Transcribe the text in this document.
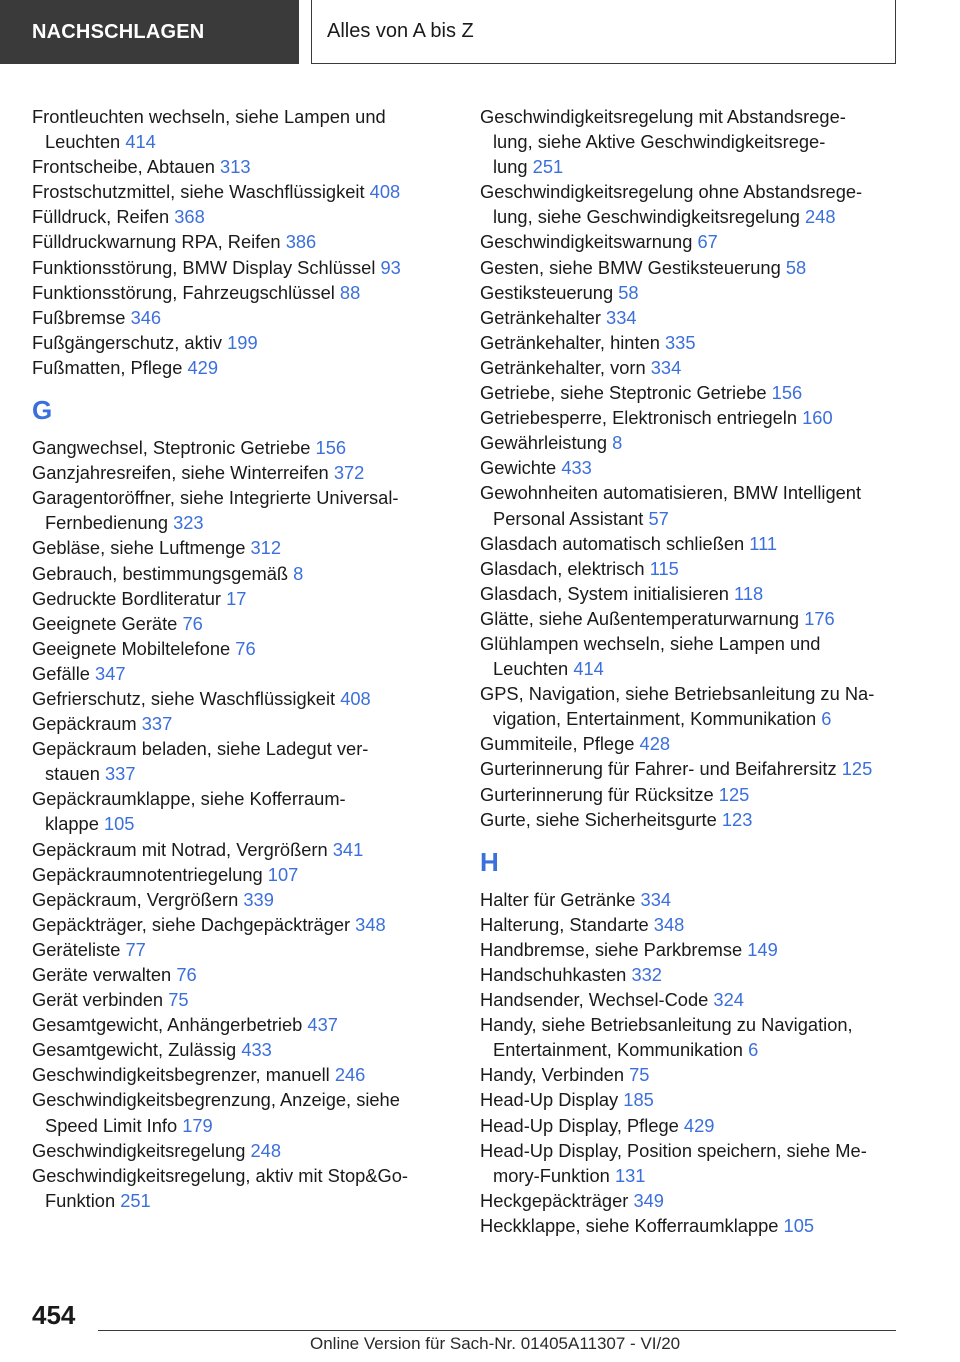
NACHSCHLAGEN	Alles von A bis Z
Frontleuchten wechseln, siehe Lampen und
Leuchten 414
Frontscheibe, Abtauen 313
Frostschutzmittel, siehe Waschflüssigkeit 408
Fülldruck, Reifen 368
Fülldruckwarnung RPA, Reifen 386
Funktionsstörung, BMW Display Schlüssel 93
Funktionsstörung, Fahrzeugschlüssel 88
Fußbremse 346
Fußgängerschutz, aktiv 199
Fußmatten, Pflege 429
G
Gangwechsel, Steptronic Getriebe 156
Ganzjahresreifen, siehe Winterreifen 372
Garagentoröffner, siehe Integrierte Universal-
Fernbedienung 323
Gebläse, siehe Luftmenge 312
Gebrauch, bestimmungsgemäß 8
Gedruckte Bordliteratur 17
Geeignete Geräte 76
Geeignete Mobiltelefone 76
Gefälle 347
Gefrierschutz, siehe Waschflüssigkeit 408
Gepäckraum 337
Gepäckraum beladen, siehe Ladegut ver-
stauen 337
Gepäckraumklappe, siehe Kofferraum-
klappe 105
Gepäckraum mit Notrad, Vergrößern 341
Gepäckraumnotentriegelung 107
Gepäckraum, Vergrößern 339
Gepäckträger, siehe Dachgepäckträger 348
Geräteliste 77
Geräte verwalten 76
Gerät verbinden 75
Gesamtgewicht, Anhängerbetrieb 437
Gesamtgewicht, Zulässig 433
Geschwindigkeitsbegrenzer, manuell 246
Geschwindigkeitsbegrenzung, Anzeige, siehe
Speed Limit Info 179
Geschwindigkeitsregelung 248
Geschwindigkeitsregelung, aktiv mit Stop&Go-
Funktion 251
Geschwindigkeitsregelung mit Abstandsrege-
lung, siehe Aktive Geschwindigkeitsrege-
lung 251
Geschwindigkeitsregelung ohne Abstandsrege-
lung, siehe Geschwindigkeitsregelung 248
Geschwindigkeitswarnung 67
Gesten, siehe BMW Gestiksteuerung 58
Gestiksteuerung 58
Getränkehalter 334
Getränkehalter, hinten 335
Getränkehalter, vorn 334
Getriebe, siehe Steptronic Getriebe 156
Getriebesperre, Elektronisch entriegeln 160
Gewährleistung 8
Gewichte 433
Gewohnheiten automatisieren, BMW Intelligent
Personal Assistant 57
Glasdach automatisch schließen 111
Glasdach, elektrisch 115
Glasdach, System initialisieren 118
Glätte, siehe Außentemperaturwarnung 176
Glühlampen wechseln, siehe Lampen und
Leuchten 414
GPS, Navigation, siehe Betriebsanleitung zu Na-
vigation, Entertainment, Kommunikation 6
Gummiteile, Pflege 428
Gurterinnerung für Fahrer- und Beifahrersitz 125
Gurterinnerung für Rücksitze 125
Gurte, siehe Sicherheitsgurte 123
H
Halter für Getränke 334
Halterung, Standarte 348
Handbremse, siehe Parkbremse 149
Handschuhkasten 332
Handsender, Wechsel-Code 324
Handy, siehe Betriebsanleitung zu Navigation,
Entertainment, Kommunikation 6
Handy, Verbinden 75
Head-Up Display 185
Head-Up Display, Pflege 429
Head-Up Display, Position speichern, siehe Me-
mory-Funktion 131
Heckgepäckträger 349
Heckklappe, siehe Kofferraumklappe 105
454
Online Version für Sach-Nr. 01405A11307 - VI/20
